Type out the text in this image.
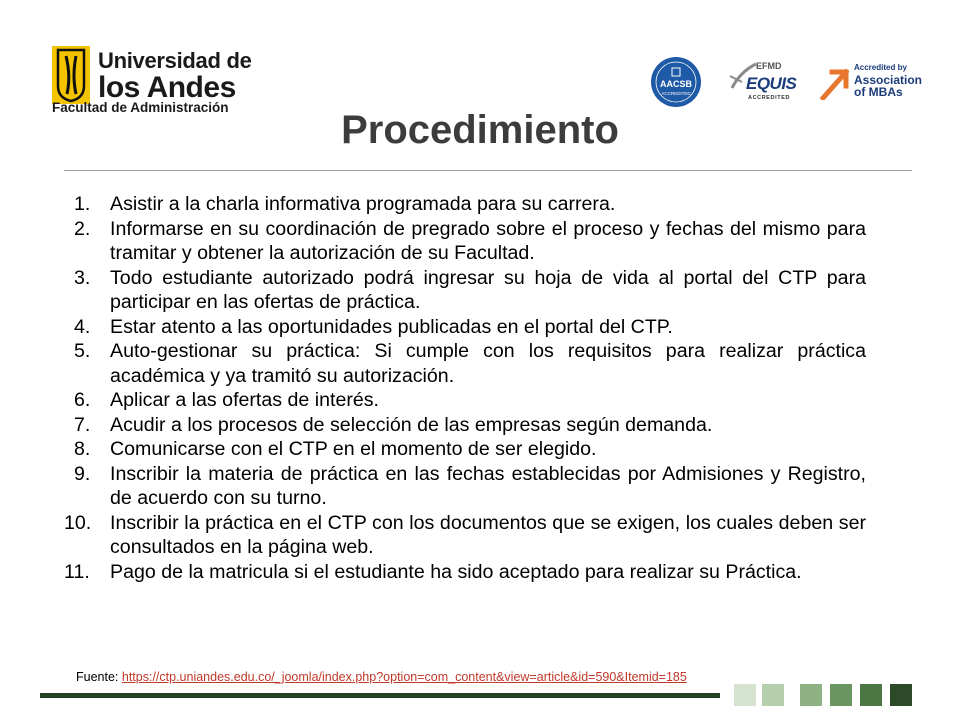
Universidad de
los Andes
Facultad de Administración
AACSB
ACCREDITED
EFMD
EQUIS
ACCREDITED
Accredited by
Association
of MBAs
Procedimiento
1. Asistir a la charla informativa programada para su carrera.
2. Informarse en su coordinación de pregrado sobre el proceso y fechas del mismo para tramitar y obtener la autorización de su Facultad.
3. Todo estudiante autorizado podrá ingresar su hoja de vida al portal del CTP para participar en las ofertas de práctica.
4. Estar atento a las oportunidades publicadas en el portal del CTP.
5. Auto-gestionar su práctica: Si cumple con los requisitos para realizar práctica académica y ya tramitó su autorización.
6. Aplicar a las ofertas de interés.
7. Acudir a los procesos de selección de las empresas según demanda.
8. Comunicarse con el CTP en el momento de ser elegido.
9. Inscribir la materia de práctica en las fechas establecidas por Admisiones y Registro, de acuerdo con su turno.
10. Inscribir la práctica en el CTP con los documentos que se exigen, los cuales deben ser consultados en la página web.
11. Pago de la matricula si el estudiante ha sido aceptado para realizar su Práctica.
Fuente: https://ctp.uniandes.edu.co/_joomla/index.php?option=com_content&view=article&id=590&Itemid=185
